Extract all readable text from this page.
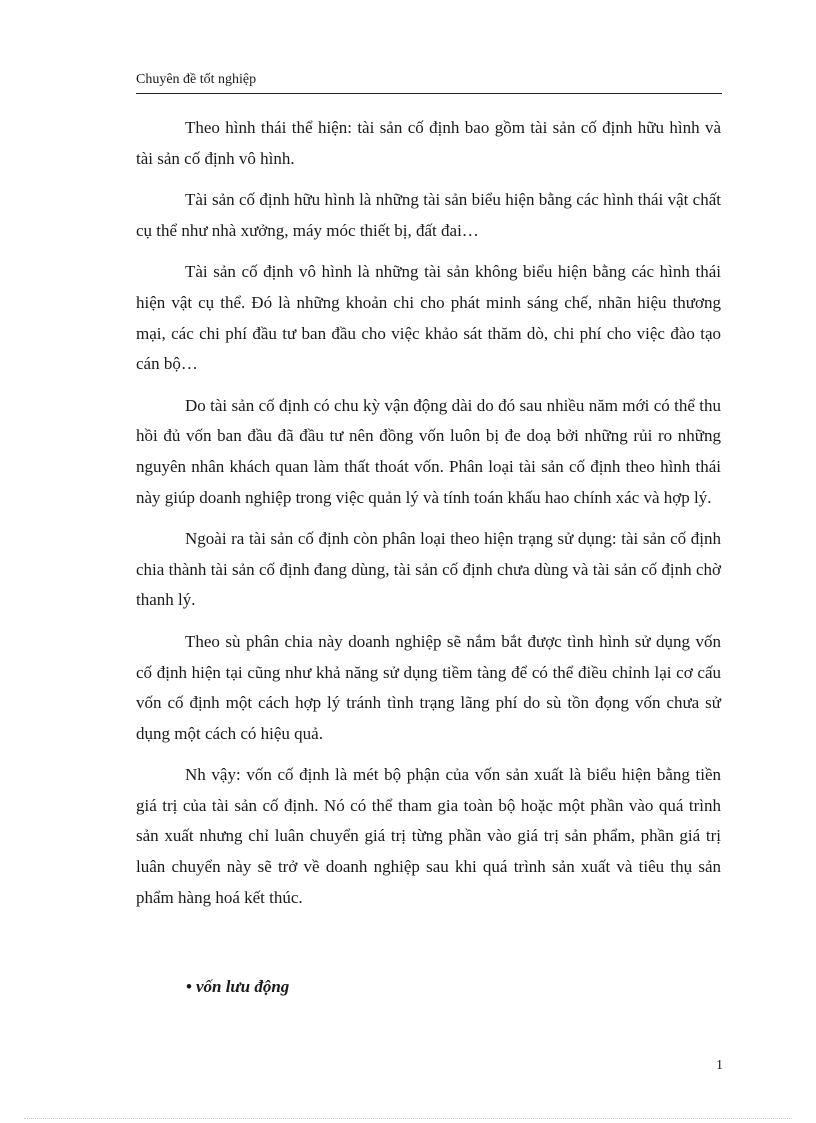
Chuyên đề tốt nghiệp

Theo hình thái thể hiện: tài sản cố định bao gồm tài sản cố định hữu hình và tài sản cố định vô hình.

Tài sản cố định hữu hình là những tài sản biểu hiện bằng các hình thái vật chất cụ thể như nhà xưởng, máy móc thiết bị, đất đai…

Tài sản cố định vô hình là những tài sản không biểu hiện bằng các hình thái hiện vật cụ thể. Đó là những khoản chi cho phát minh sáng chế, nhãn hiệu thương mại, các chi phí đầu tư ban đầu cho việc khảo sát thăm dò, chi phí cho việc đào tạo cán bộ…

Do tài sản cố định có chu kỳ vận động dài do đó sau nhiều năm mới có thể thu hồi đủ vốn ban đầu đã đầu tư nên đồng vốn luôn bị đe doạ bởi những rủi ro những nguyên nhân khách quan làm thất thoát vốn. Phân loại tài sản cố định theo hình thái này giúp doanh nghiệp trong việc quản lý và tính toán khấu hao chính xác và hợp lý.

Ngoài ra tài sản cố định còn phân loại theo hiện trạng sử dụng: tài sản cố định chia thành tài sản cố định đang dùng, tài sản cố định chưa dùng và tài sản cố định chờ thanh lý.

Theo sù phân chia này doanh nghiệp sẽ nắm bắt được tình hình sử dụng vốn cố định hiện tại cũng như khả năng sử dụng tiềm tàng để có thể điều chỉnh lại cơ cấu vốn cố định một cách hợp lý tránh tình trạng lãng phí do sù tồn đọng vốn chưa sử dụng một cách có hiệu quả.

Nh vậy: vốn cố định là mét bộ phận của vốn sản xuất là biểu hiện bằng tiền giá trị của tài sản cố định. Nó có thể tham gia toàn bộ hoặc một phần vào quá trình sản xuất nhưng chỉ luân chuyển giá trị từng phần vào giá trị sản phẩm, phần giá trị luân chuyển này sẽ trở về doanh nghiệp sau khi quá trình sản xuất và tiêu thụ sản phẩm hàng hoá kết thúc.

• vốn lưu động
1
